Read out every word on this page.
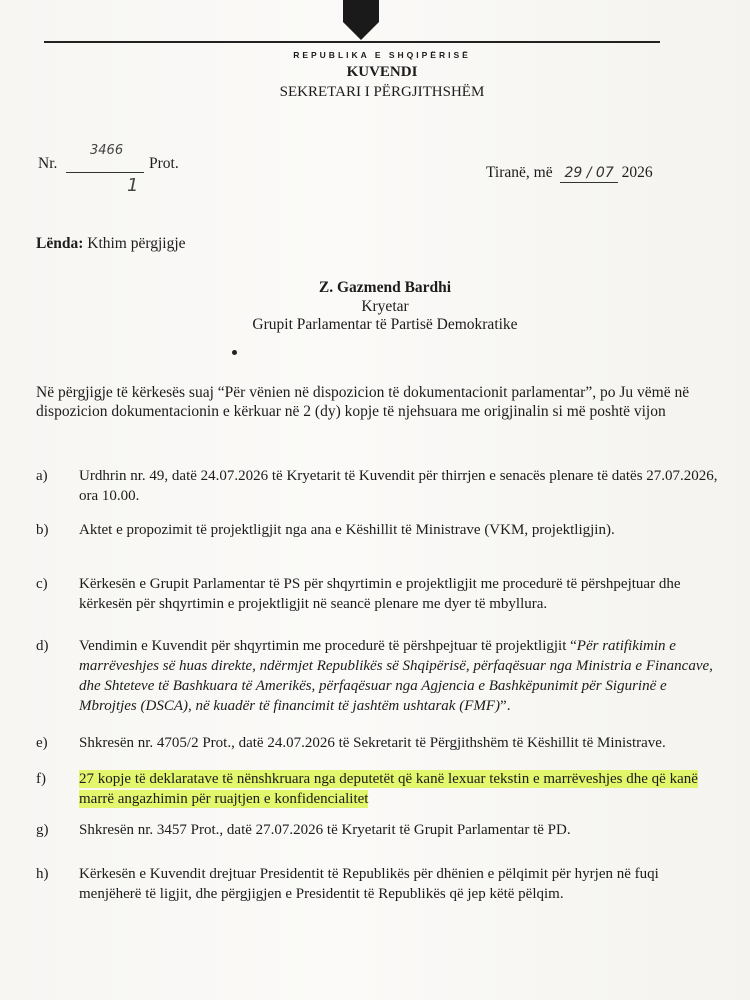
REPUBLIKA E SHQIPËRISË
KUVENDI
SEKRETARI I PËRGJITHSHËM
Nr.
3466
Prot.
1
Tiranë, më 29 / 07 2026
Lënda: Kthim përgjigje
Z. Gazmend Bardhi
Kryetar
Grupit Parlamentar të Partisë Demokratike
Në përgjigje të kërkesës suaj “Për vënien në dispozicion të dokumentacionit parlamentar”, po Ju vëmë në dispozicion dokumentacionin e kërkuar në 2 (dy) kopje të njehsuara me origjinalin si më poshtë vijon
a) Urdhrin nr. 49, datë 24.07.2026 të Kryetarit të Kuvendit për thirrjen e senacës plenare të datës 27.07.2026, ora 10.00.
b) Aktet e propozimit të projektligjit nga ana e Këshillit të Ministrave (VKM, projektligjin).
c) Kërkesën e Grupit Parlamentar të PS për shqyrtimin e projektligjit me procedurë të përshpejtuar dhe kërkesën për shqyrtimin e projektligjit në seancë plenare me dyer të mbyllura.
d) Vendimin e Kuvendit për shqyrtimin me procedurë të përshpejtuar të projektligjit “Për ratifikimin e marrëveshjes së huas direkte, ndërmjet Republikës së Shqipërisë, përfaqësuar nga Ministria e Financave, dhe Shteteve të Bashkuara të Amerikës, përfaqësuar nga Agjencia e Bashkëpunimit për Sigurinë e Mbrojtjes (DSCA), në kuadër të financimit të jashtëm ushtarak (FMF)”.
e) Shkresën nr. 4705/2 Prot., datë 24.07.2026 të Sekretarit të Përgjithshëm të Këshillit të Ministrave.
f) 27 kopje të deklaratave të nënshkruara nga deputetët që kanë lexuar tekstin e marrëveshjes dhe që kanë marrë angazhimin për ruajtjen e konfidencialitet
g) Shkresën nr. 3457 Prot., datë 27.07.2026 të Kryetarit të Grupit Parlamentar të PD.
h) Kërkesën e Kuvendit drejtuar Presidentit të Republikës për dhënien e pëlqimit për hyrjen në fuqi menjëherë të ligjit, dhe përgjigjen e Presidentit të Republikës që jep këtë pëlqim.
